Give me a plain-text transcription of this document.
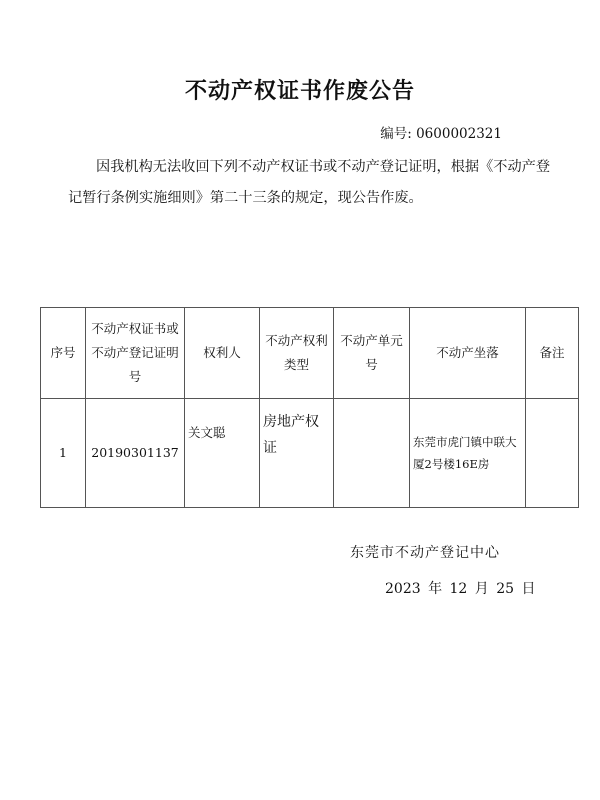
不动产权证书作废公告
编号: 0600002321
因我机构无法收回下列不动产权证书或不动产登记证明，根据《不动产登记暂行条例实施细则》第二十三条的规定，现公告作废。
序号	不动产权证书或不动产登记证明号	权利人	不动产权利类型	不动产单元号	不动产坐落	备注
1	20190301137	关文聪	房地产权证		东莞市虎门镇中联大厦2号楼16E房	
东莞市不动产登记中心
2023 年 12 月 25 日
